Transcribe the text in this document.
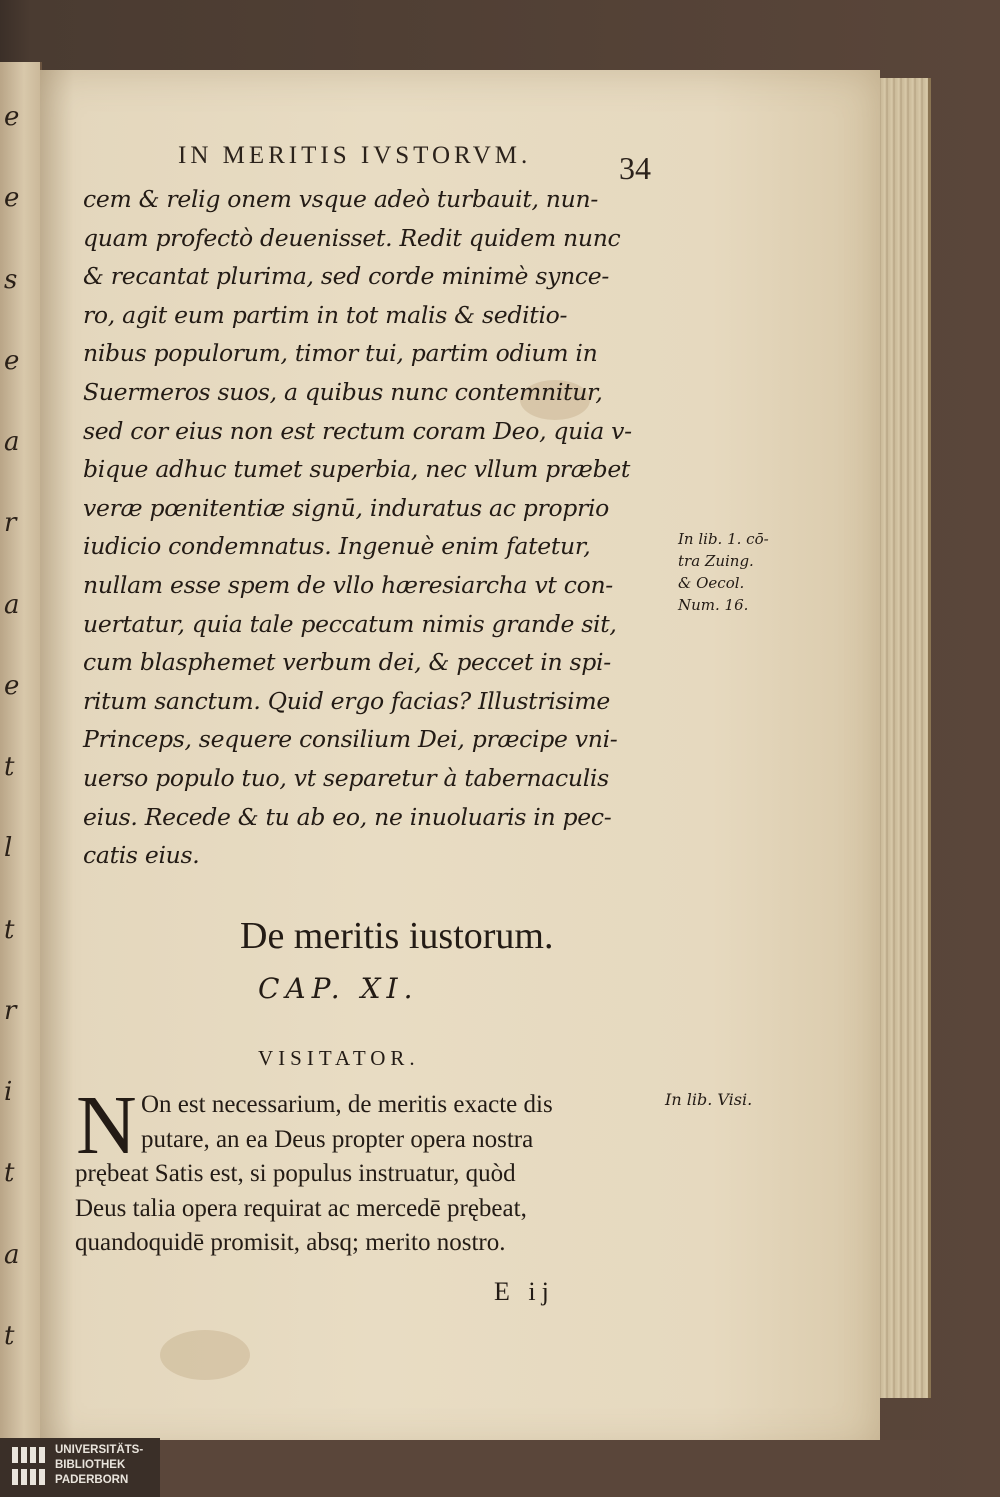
e
e
s
e
a
r
a
e
t
l
t
r
i
t
a
t
IN MERITIS IVSTORVM.	34
cem & relig onem vsque adeò turbauit, nun-
quam profectò deuenisset. Redit quidem nunc
& recantat plurima, sed corde minimè synce-
ro, agit eum partim in tot malis & seditio-
nibus populorum, timor tui, partim odium in
Suermeros suos, a quibus nunc contemnitur,
sed cor eius non est rectum coram Deo, quia v-
bique adhuc tumet superbia, nec vllum præbet
veræ pœnitentiæ signū, induratus ac proprio
iudicio condemnatus. Ingenuè enim fatetur,
nullam esse spem de vllo hæresiarcha vt con-
uertatur, quia tale peccatum nimis grande sit,
cum blasphemet verbum dei, & peccet in spi-
ritum sanctum. Quid ergo facias? Illustrisime
Princeps, sequere consilium Dei, præcipe vni-
uerso populo tuo, vt separetur à tabernaculis
eius. Recede & tu ab eo, ne inuoluaris in pec-
catis eius.
In lib. 1. cō-
tra Zuing.
& Oecol.
Num. 16.
De meritis iustorum.
CAP. XI.
VISITATOR.
N On est necessarium, de meritis exacte dis
putare, an ea Deus propter opera nostra
prębeat Satis est, si populus instruatur, quòd
Deus talia opera requirat ac mercedē prębeat,
quandoquidē promisit, absq; merito nostro.
In lib. Visi.
E ij
UNIVERSITÄTS-
BIBLIOTHEK
PADERBORN
